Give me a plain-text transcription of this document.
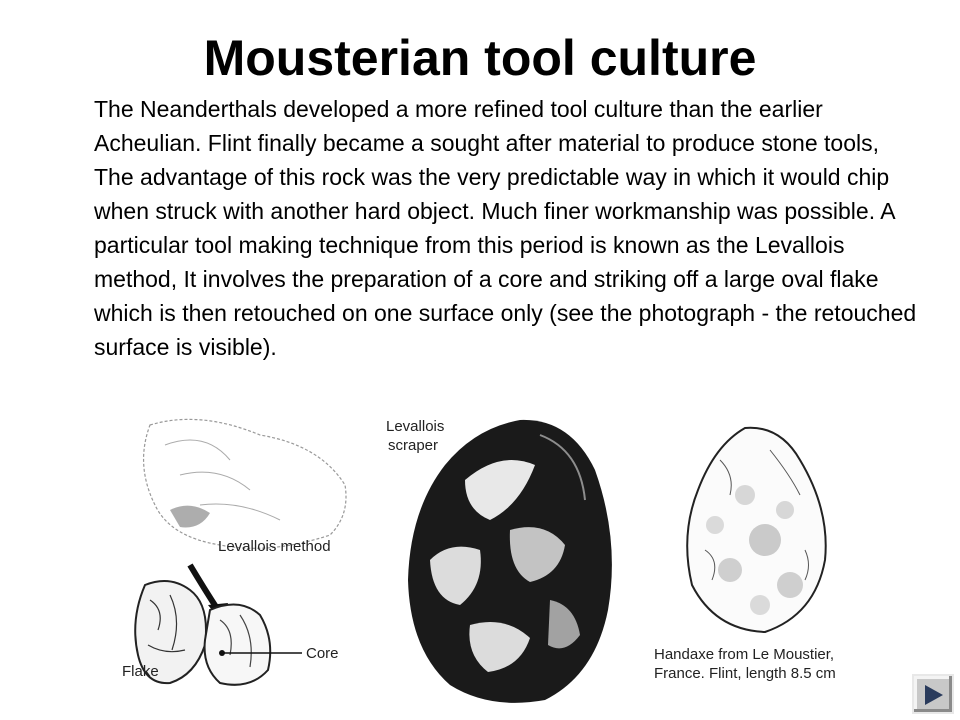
Mousterian tool culture

The Neanderthals developed a more refined tool culture than the earlier Acheulian. Flint finally became a sought after material to produce stone tools, The advantage of this rock was the very predictable way in which it would chip when struck with another hard object. Much finer workmanship was possible. A particular tool making technique from this period is known as the Levallois method, It involves the preparation of a core and striking off a large oval flake which is then retouched on one surface only (see the photograph - the retouched surface is visible).

Levallois method
Core
Flake
Levallois
scraper
Handaxe from Le Moustier,
France. Flint, length 8.5 cm
